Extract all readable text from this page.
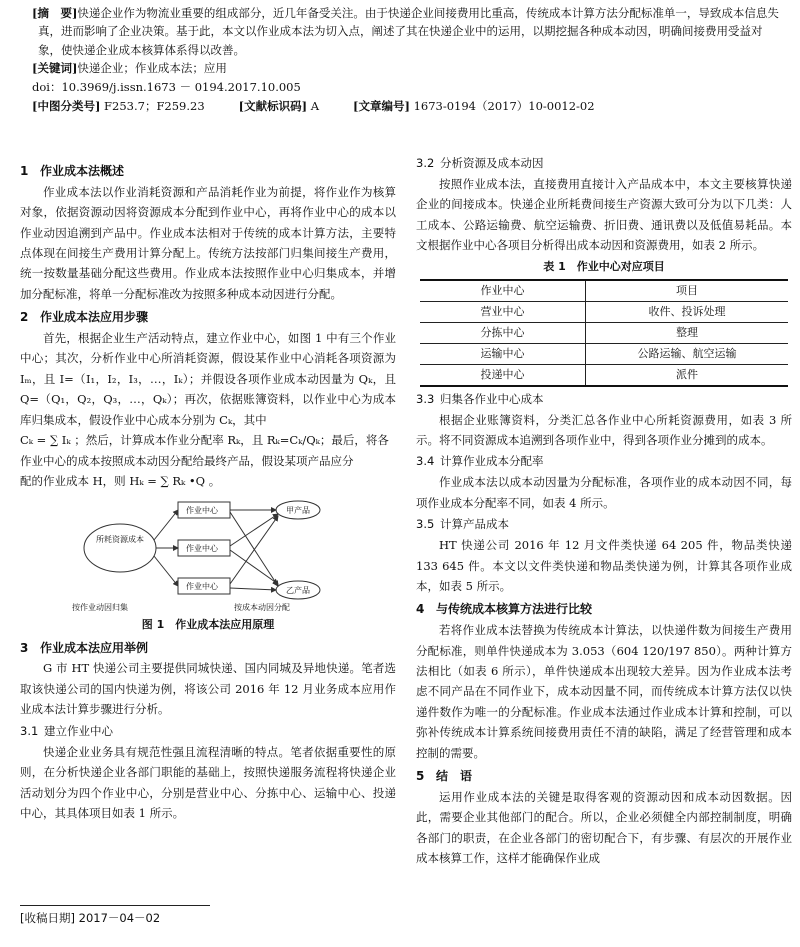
[摘　要]快递企业作为物流业重要的组成部分，近几年备受关注。由于快递企业间接费用比重高，传统成本计算方法分配标准单一，导致成本信息失真，进而影响了企业决策。基于此，本文以作业成本法为切入点，阐述了其在快递企业中的运用，以期挖掘各种成本动因，明确间接费用受益对象，使快递企业成本核算体系得以改善。
[关键词]快递企业；作业成本法；应用
doi：10.3969/j.issn.1673 － 0194.2017.10.005
[中图分类号] F253.7；F259.23	[文献标识码] A	[文章编号] 1673-0194（2017）10-0012-02
1 作业成本法概述

作业成本法以作业消耗资源和产品消耗作业为前提，将作业作为核算对象，依据资源动因将资源成本分配到作业中心，再将作业中心的成本以作业动因追溯到产品中。作业成本法相对于传统的成本计算方法，主要特点体现在间接生产费用计算分配上。传统方法按部门归集间接生产费用，统一按数量基础分配这些费用。作业成本法按照作业中心归集成本，并增加分配标准，将单一分配标准改为按照多种成本动因进行分配。

2 作业成本法应用步骤

首先，根据企业生产活动特点，建立作业中心，如图 1 中有三个作业中心；其次，分析作业中心所消耗资源，假设某作业中心消耗各项资源为 Iₘ，且 I=（I₁，I₂，I₃，…，Iₖ）；并假设各项作业成本动因量为 Qₖ，且 Q=（Q₁，Q₂，Q₃，…，Qₖ）；再次，依据账簿资料，以作业中心为成本库归集成本，假设作业中心成本分别为 Cₖ，其中

Cₖ = ∑ Iₖ ；然后，计算成本作业分配率 Rₖ，且 Rₖ=Cₖ/Qₖ；最后，将各

作业中心的成本按照成本动因分配给最终产品，假设某项产品应分

配的作业成本 H，则 Hₖ = ∑ Rₖ •Q 。

作业中心
作业中心
作业中心
所耗资源成本
甲产品
乙产品
按作业动因归集	按成本动因分配
图 1　作业成本法应用原理
3 作业成本法应用举例

G 市 HT 快递公司主要提供同城快递、国内同城及异地快递。笔者选取该快递公司的国内快递为例，将该公司 2016 年 12 月业务成本应用作业成本法计算步骤进行分析。

3.1 建立作业中心

快递企业业务具有规范性强且流程清晰的特点。笔者依据重要性的原则，在分析快递企业各部门职能的基础上，按照快递服务流程将快递企业活动划分为四个作业中心，分别是营业中心、分拣中心、运输中心、投递中心，其具体项目如表 1 所示。

3.2 分析资源及成本动因

按照作业成本法，直接费用直接计入产品成本中，本文主要核算快递企业的间接成本。快递企业所耗费间接生产资源大致可分为以下几类：人工成本、公路运输费、航空运输费、折旧费、通讯费以及低值易耗品。本文根据作业中心各项目分析得出成本动因和资源费用，如表 2 所示。

表 1　作业中心对应项目
作业中心	项目
营业中心	收件、投诉处理
分拣中心	整理
运输中心	公路运输、航空运输
投递中心	派件
3.3 归集各作业中心成本

根据企业账簿资料，分类汇总各作业中心所耗资源费用，如表 3 所示。将不同资源成本追溯到各项作业中，得到各项作业分摊到的成本。

3.4 计算作业成本分配率

作业成本法以成本动因量为分配标准，各项作业的成本动因不同，每项作业成本分配率不同，如表 4 所示。

3.5 计算产品成本

HT 快递公司 2016 年 12 月文件类快递 64 205 件，物品类快递 133 645 件。本文以文件类快递和物品类快递为例，计算其各项作业成本，如表 5 所示。

4 与传统成本核算方法进行比较

若将作业成本法替换为传统成本计算法，以快递件数为间接生产费用分配标准，则单件快递成本为 3.053（604 120/197 850）。两种计算方法相比（如表 6 所示），单件快递成本出现较大差异。因为作业成本法考虑不同产品在不同作业下，成本动因量不同，而传统成本计算方法仅以快递件数作为唯一的分配标准。作业成本法通过作业成本计算和控制，可以弥补传统成本计算系统间接费用责任不清的缺陷，满足了经营管理和成本控制的需要。

5 结　语

运用作业成本法的关键是取得客观的资源动因和成本动因数据。因此，需要企业其他部门的配合。所以，企业必须健全内部控制制度，明确各部门的职责，在企业各部门的密切配合下，有步骤、有层次的开展作业成本核算工作，这样才能确保作业成

[收稿日期] 2017－04－02
